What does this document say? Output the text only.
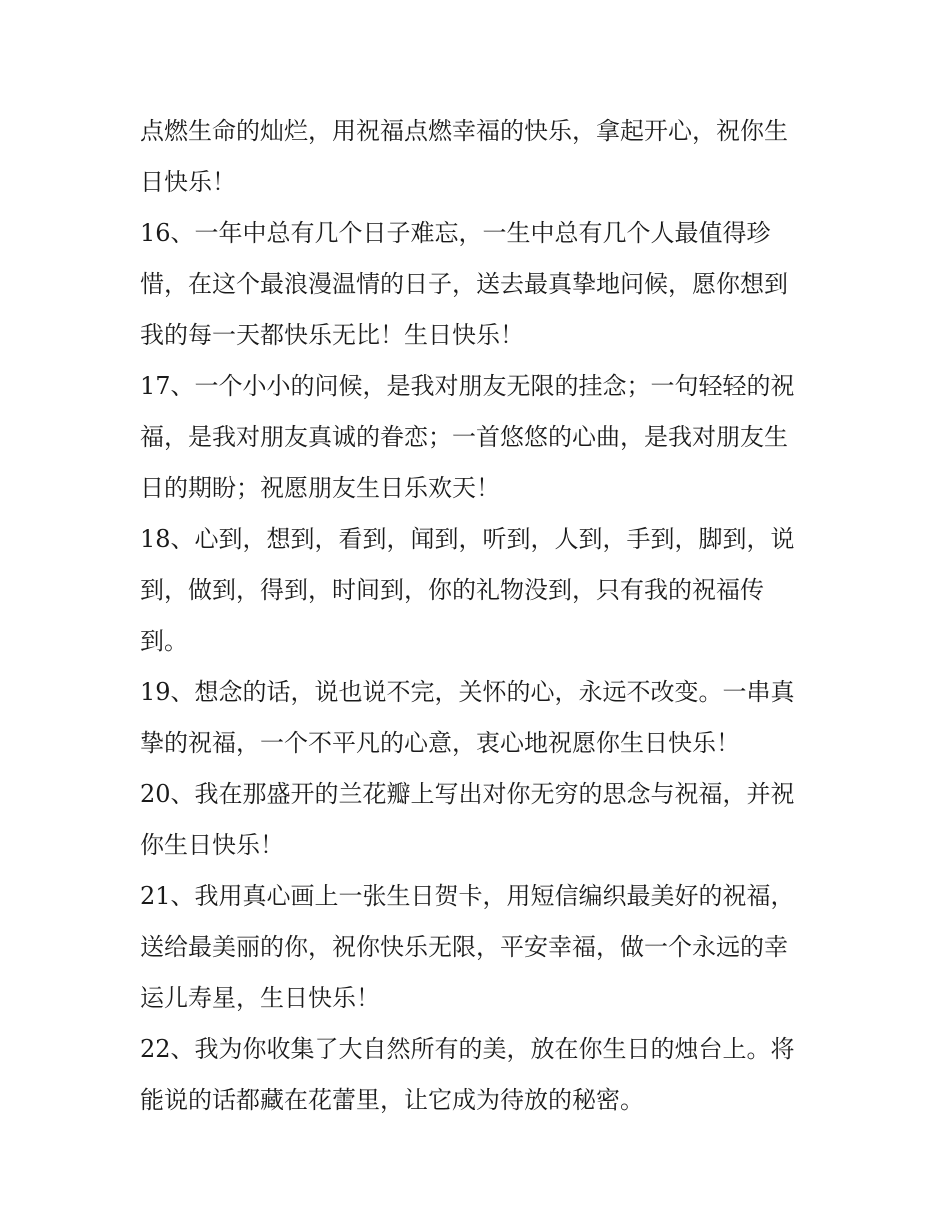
点燃生命的灿烂，用祝福点燃幸福的快乐，拿起开心，祝你生
日快乐！
16、一年中总有几个日子难忘，一生中总有几个人最值得珍
惜，在这个最浪漫温情的日子，送去最真挚地问候，愿你想到
我的每一天都快乐无比！生日快乐！
17、一个小小的问候，是我对朋友无限的挂念；一句轻轻的祝
福，是我对朋友真诚的眷恋；一首悠悠的心曲，是我对朋友生
日的期盼；祝愿朋友生日乐欢天！
18、心到，想到，看到，闻到，听到，人到，手到，脚到，说
到，做到，得到，时间到，你的礼物没到，只有我的祝福传
到。
19、想念的话，说也说不完，关怀的心，永远不改变。一串真
挚的祝福，一个不平凡的心意，衷心地祝愿你生日快乐！
20、我在那盛开的兰花瓣上写出对你无穷的思念与祝福，并祝
你生日快乐！
21、我用真心画上一张生日贺卡，用短信编织最美好的祝福，
送给最美丽的你，祝你快乐无限，平安幸福，做一个永远的幸
运儿寿星，生日快乐！
22、我为你收集了大自然所有的美，放在你生日的烛台上。将
能说的话都藏在花蕾里，让它成为待放的秘密。
